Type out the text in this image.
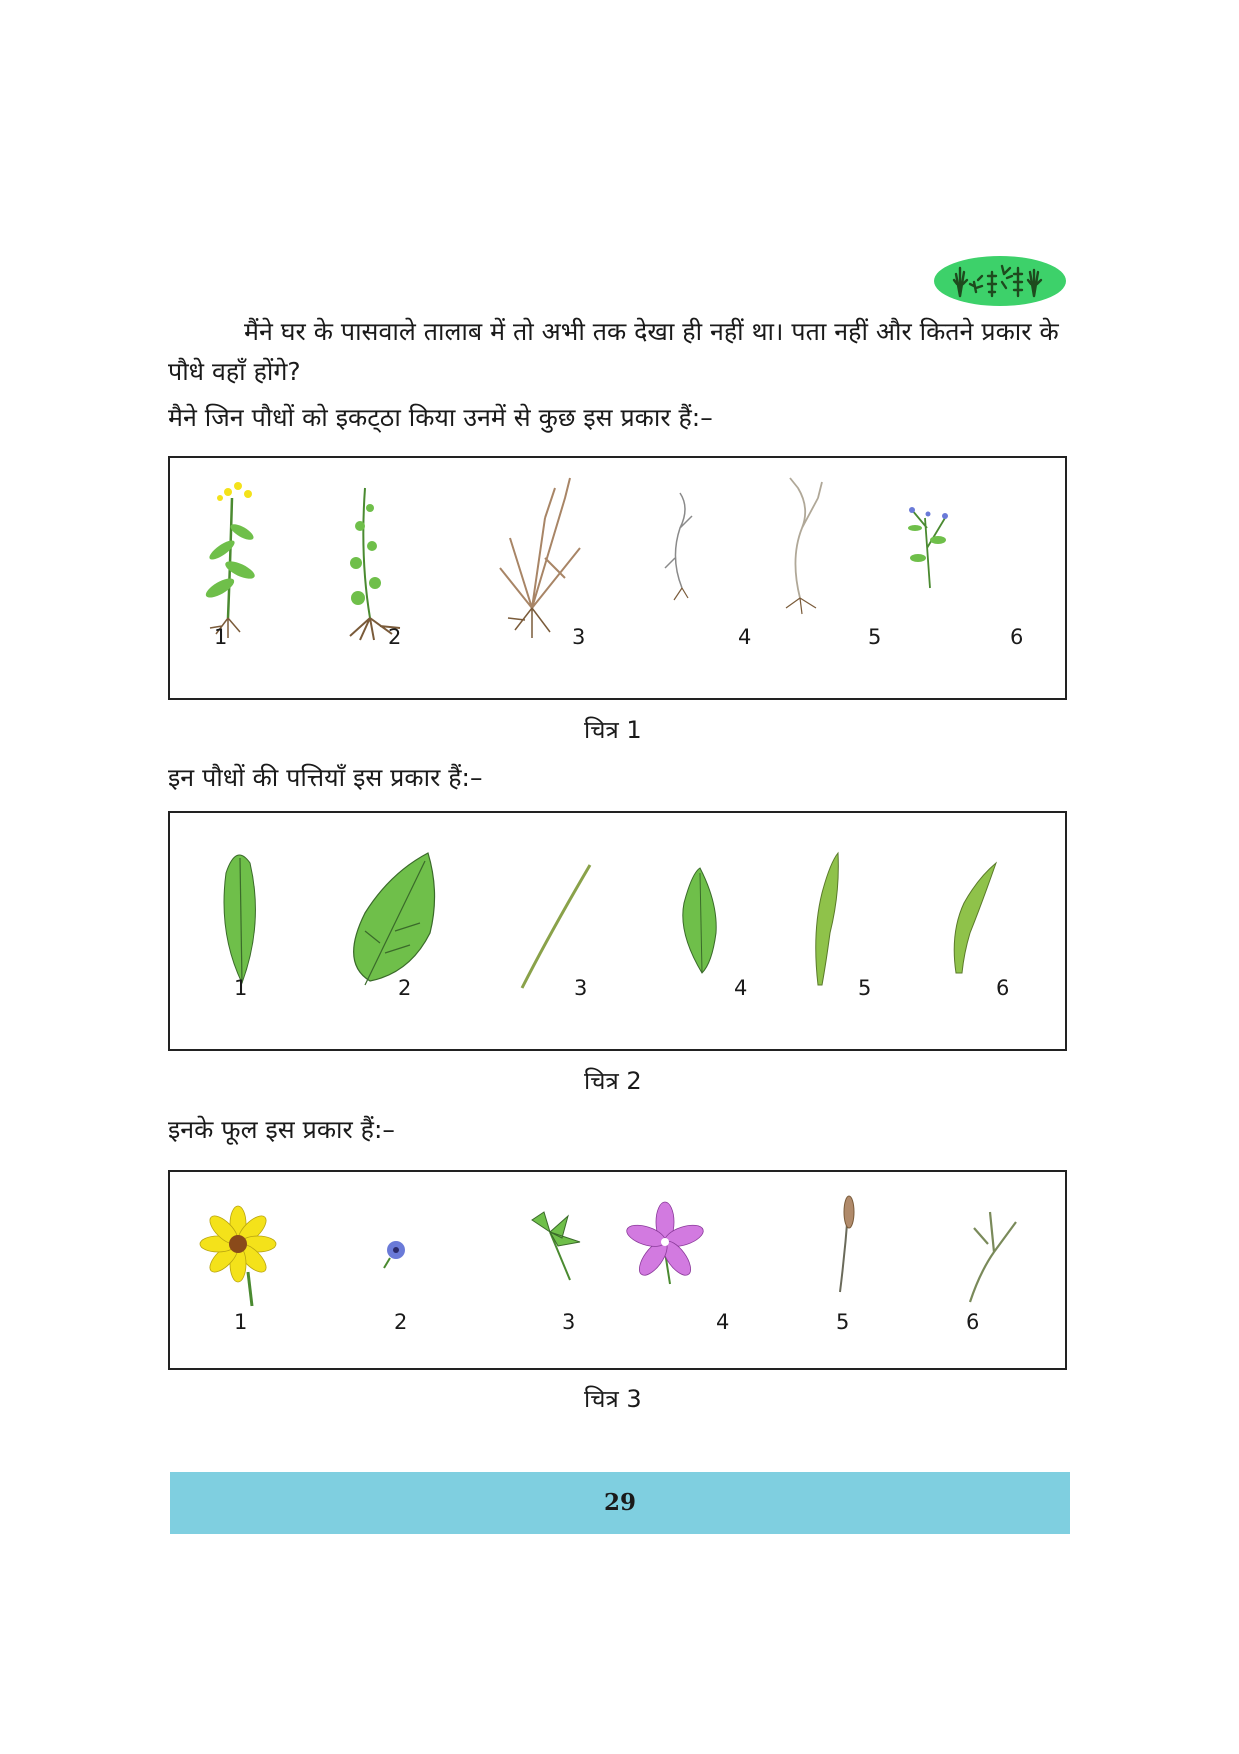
मैंने घर के पासवाले तालाब में तो अभी तक देखा ही नहीं था। पता नहीं और कितने प्रकार के पौधे वहाँ होंगे?

मैने जिन पौधों को इकट्‌ठा किया उनमें से कुछ इस प्रकार हैं:–

1	2	3	4	5	6
चित्र 1

इन पौधों की पत्तियाँ इस प्रकार हैं:–

1	2	3	4	5	6
चित्र 2

इनके फूल इस प्रकार हैं:–

1	2	3	4	5	6
चित्र 3
29
